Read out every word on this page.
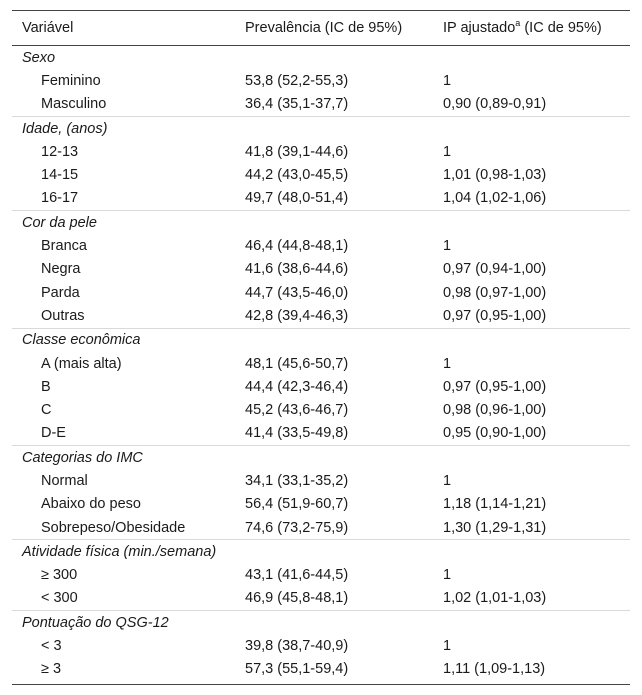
Variável	Prevalência (IC de 95%)	IP ajustado$^a$ (IC de 95%)
Sexo
Feminino	53,8 (52,2-55,3)	1
Masculino	36,4 (35,1-37,7)	0,90 (0,89-0,91)
Idade, (anos)
12-13	41,8 (39,1-44,6)	1
14-15	44,2 (43,0-45,5)	1,01 (0,98-1,03)
16-17	49,7 (48,0-51,4)	1,04 (1,02-1,06)
Cor da pele
Branca	46,4 (44,8-48,1)	1
Negra	41,6 (38,6-44,6)	0,97 (0,94-1,00)
Parda	44,7 (43,5-46,0)	0,98 (0,97-1,00)
Outras	42,8 (39,4-46,3)	0,97 (0,95-1,00)
Classe econômica
A (mais alta)	48,1 (45,6-50,7)	1
B	44,4 (42,3-46,4)	0,97 (0,95-1,00)
C	45,2 (43,6-46,7)	0,98 (0,96-1,00)
D-E	41,4 (33,5-49,8)	0,95 (0,90-1,00)
Categorias do IMC
Normal	34,1 (33,1-35,2)	1
Abaixo do peso	56,4 (51,9-60,7)	1,18 (1,14-1,21)
Sobrepeso/Obesidade	74,6 (73,2-75,9)	1,30 (1,29-1,31)
Atividade física (min./semana)
≥ 300	43,1 (41,6-44,5)	1
< 300	46,9 (45,8-48,1)	1,02 (1,01-1,03)
Pontuação do QSG-12
< 3	39,8 (38,7-40,9)	1
≥ 3	57,3 (55,1-59,4)	1,11 (1,09-1,13)
